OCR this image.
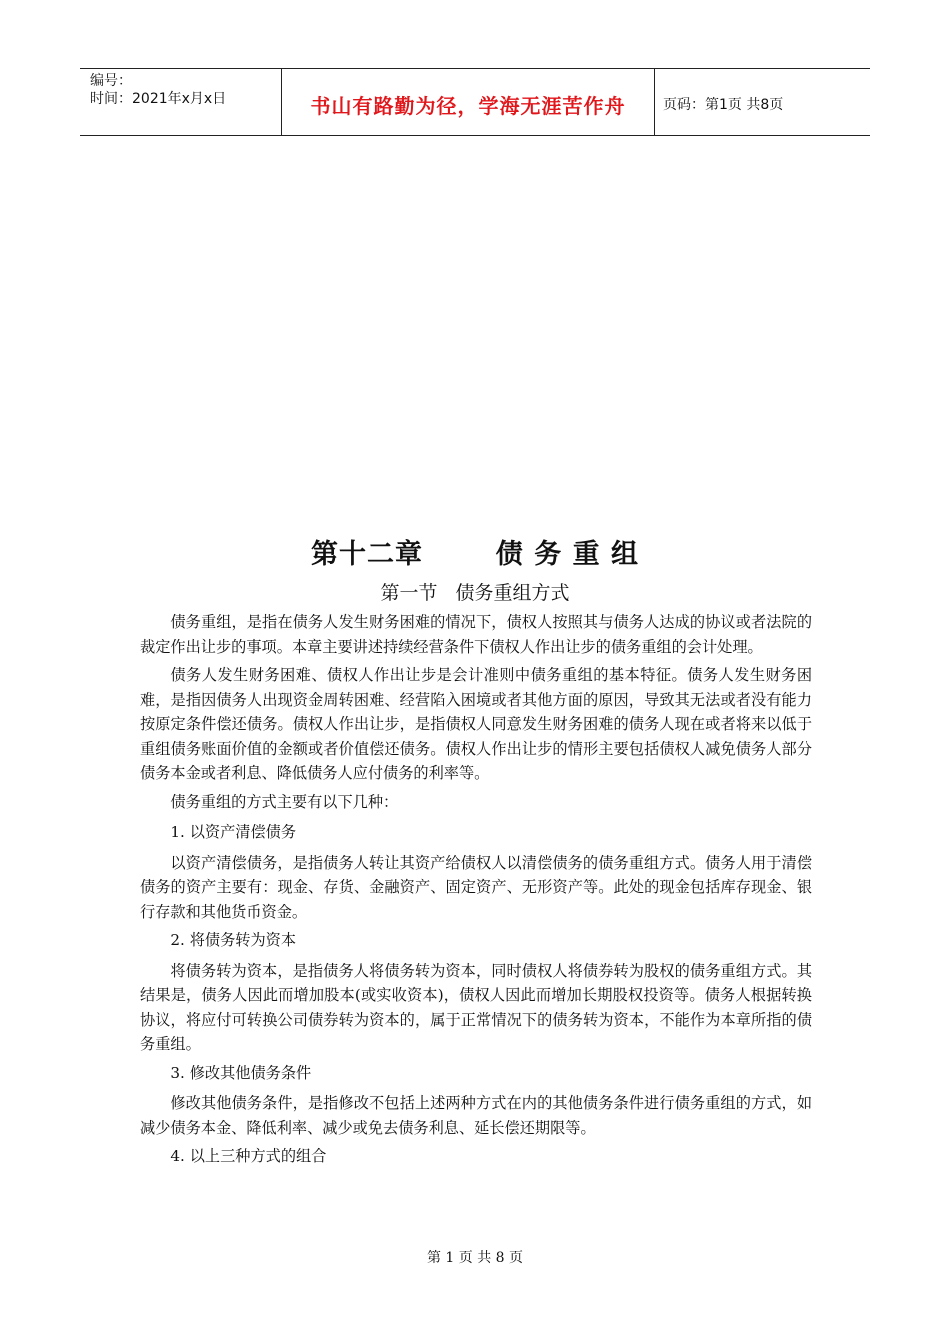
编号：
时间：2021年x月x日	书山有路勤为径，学海无涯苦作舟	页码：第1页 共8页
第十二章       债 务 重 组
第一节   债务重组方式

债务重组，是指在债务人发生财务困难的情况下，债权人按照其与债务人达成的协议或者法院的裁定作出让步的事项。本章主要讲述持续经营条件下债权人作出让步的债务重组的会计处理。

债务人发生财务困难、债权人作出让步是会计准则中债务重组的基本特征。债务人发生财务困难，是指因债务人出现资金周转困难、经营陷入困境或者其他方面的原因，导致其无法或者没有能力按原定条件偿还债务。债权人作出让步，是指债权人同意发生财务困难的债务人现在或者将来以低于重组债务账面价值的金额或者价值偿还债务。债权人作出让步的情形主要包括债权人减免债务人部分债务本金或者利息、降低债务人应付债务的利率等。

债务重组的方式主要有以下几种：

1. 以资产清偿债务

以资产清偿债务，是指债务人转让其资产给债权人以清偿债务的债务重组方式。债务人用于清偿债务的资产主要有：现金、存货、金融资产、固定资产、无形资产等。此处的现金包括库存现金、银行存款和其他货币资金。

2. 将债务转为资本

将债务转为资本，是指债务人将债务转为资本，同时债权人将债券转为股权的债务重组方式。其结果是，债务人因此而增加股本(或实收资本)，债权人因此而增加长期股权投资等。债务人根据转换协议，将应付可转换公司债券转为资本的，属于正常情况下的债务转为资本，不能作为本章所指的债务重组。

3. 修改其他债务条件

修改其他债务条件，是指修改不包括上述两种方式在内的其他债务条件进行债务重组的方式，如减少债务本金、降低利率、减少或免去债务利息、延长偿还期限等。

4. 以上三种方式的组合

第 1 页 共 8 页
